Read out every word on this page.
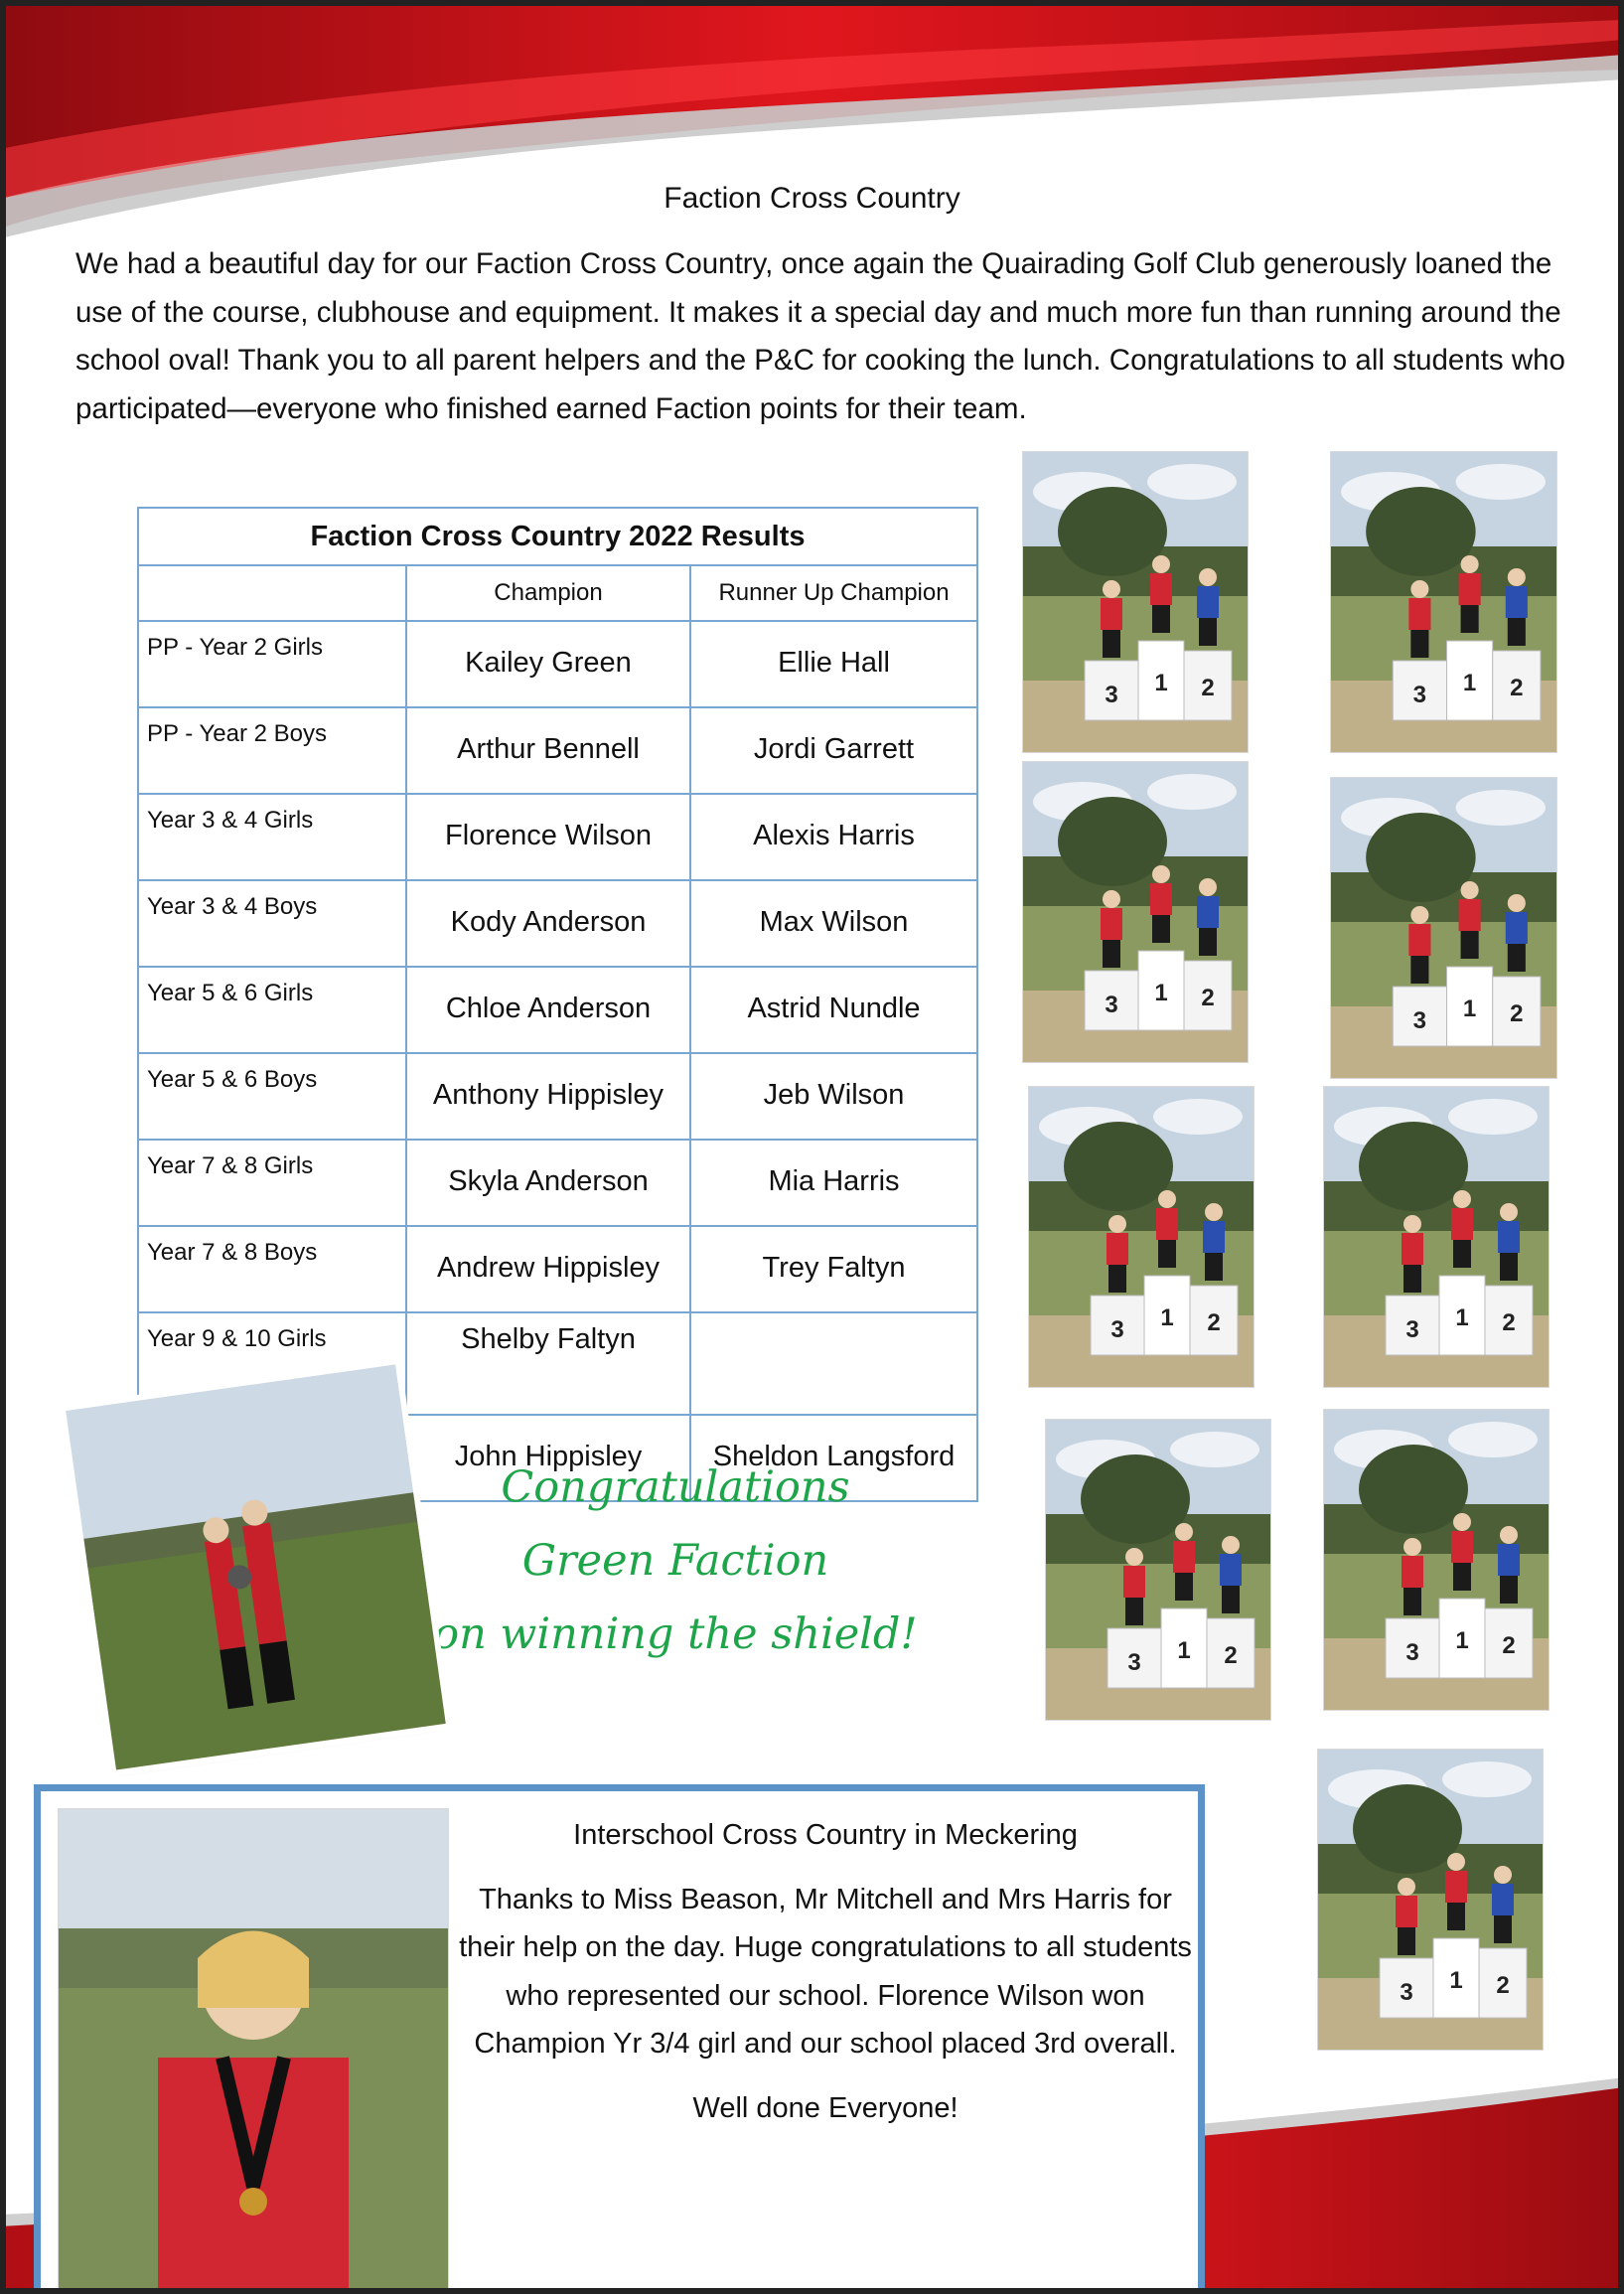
Faction Cross Country
We had a beautiful day for our Faction Cross Country, once again the Quairading Golf Club generously loaned the use of the course, clubhouse and equipment. It makes it a special day and much more fun than running around the school oval! Thank you to all parent helpers and the P&C for cooking the lunch. Congratulations to all students who participated—everyone who finished earned Faction points for their team.
Faction Cross Country 2022 Results		
	Champion	Runner Up Champion
PP - Year 2 Girls	Kailey Green	Ellie Hall
PP - Year 2 Boys	Arthur Bennell	Jordi Garrett
Year 3 & 4 Girls	Florence Wilson	Alexis Harris
Year 3 & 4 Boys	Kody Anderson	Max Wilson
Year 5 & 6 Girls	Chloe Anderson	Astrid Nundle
Year 5 & 6 Boys	Anthony Hippisley	Jeb Wilson
Year 7 & 8 Girls	Skyla Anderson	Mia Harris
Year 7 & 8 Boys	Andrew Hippisley	Trey Faltyn
Year 9 & 10 Girls	Shelby Faltyn	
	John Hippisley	Sheldon Langsford
3 1 2	3 1 2
3 1 2
3 1 2
3 1 2	3 1 2
3 1 2	3 1 2
3 1 2
Congratulations
Green Faction
on winning the shield!
Interschool Cross Country in Meckering
Thanks to Miss Beason, Mr Mitchell and Mrs Harris for their help on the day. Huge congratulations to all students who represented our school. Florence Wilson won Champion Yr 3/4 girl and our school placed 3rd overall.
Well done Everyone!
